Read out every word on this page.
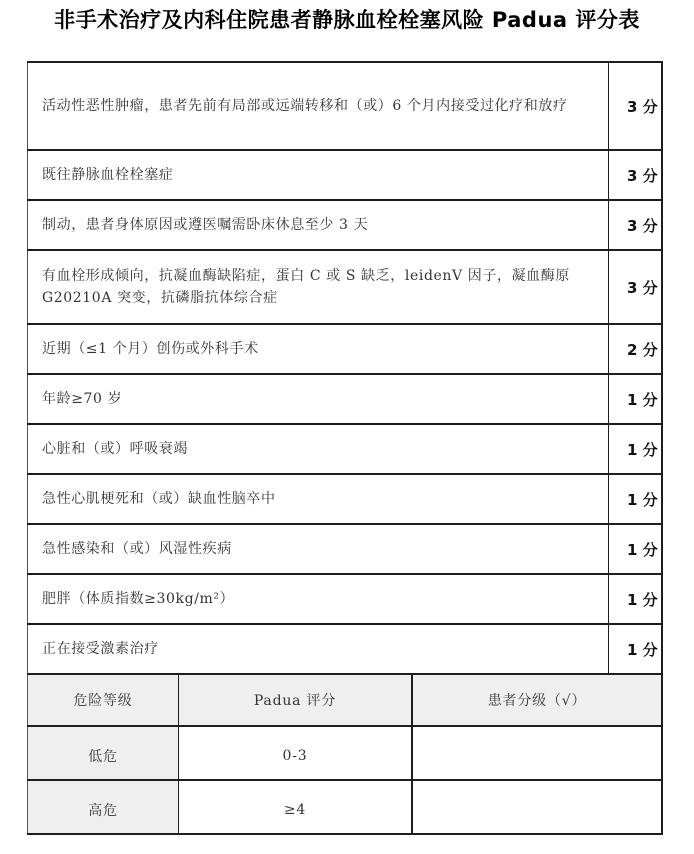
非手术治疗及内科住院患者静脉血栓栓塞风险 Padua 评分表
活动性恶性肿瘤，患者先前有局部或远端转移和（或）6 个月内接受过化疗和放疗	3 分
既往静脉血栓栓塞症	3 分
制动，患者身体原因或遵医嘱需卧床休息至少 3 天	3 分
有血栓形成倾向，抗凝血酶缺陷症，蛋白 C 或 S 缺乏，leidenV 因子，凝血酶原 G20210A 突变，抗磷脂抗体综合症	3 分
近期（≤1 个月）创伤或外科手术	2 分
年龄≥70 岁	1 分
心脏和（或）呼吸衰竭	1 分
急性心肌梗死和（或）缺血性脑卒中	1 分
急性感染和（或）风湿性疾病	1 分
肥胖（体质指数≥30kg/m²）	1 分
正在接受激素治疗	1 分
危险等级	Padua 评分	患者分级（√）

低危	0-3	

高危	≥4	
